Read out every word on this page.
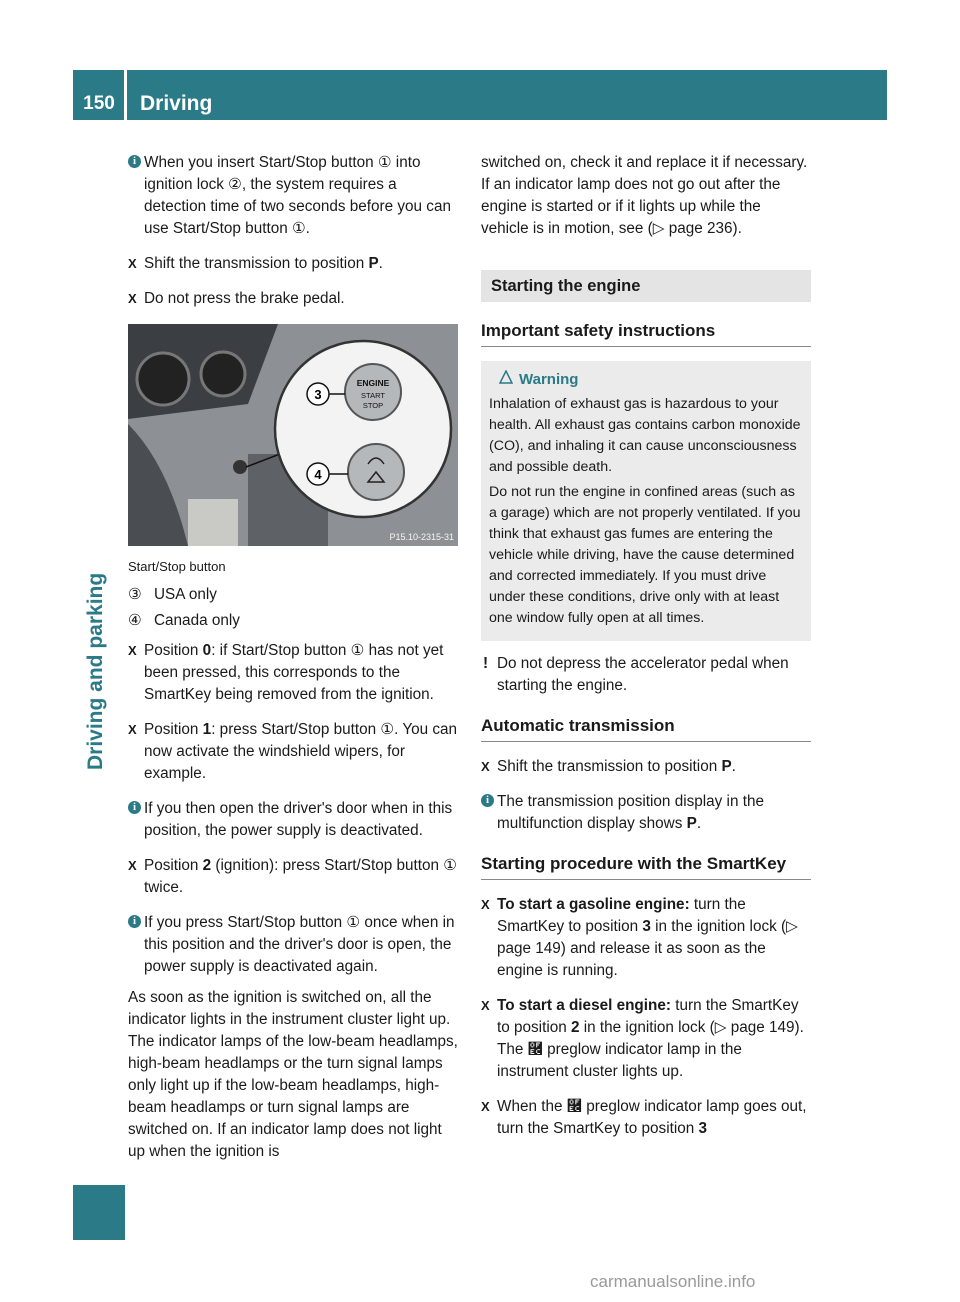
150	Driving
Driving and parking

i When you insert Start/Stop button ① into ignition lock ②, the system requires a detection time of two seconds before you can use Start/Stop button ①.

X Shift the transmission to position P.

X Do not press the brake pedal.

ENGINE
START
STOP
3
4
P15.10-2315-31

Start/Stop button

③ USA only
④ Canada only

X Position 0: if Start/Stop button ① has not yet been pressed, this corresponds to the SmartKey being removed from the ignition.

X Position 1: press Start/Stop button ①. You can now activate the windshield wipers, for example.

i If you then open the driver's door when in this position, the power supply is deactivated.

X Position 2 (ignition): press Start/Stop button ① twice.

i If you press Start/Stop button ① once when in this position and the driver's door is open, the power supply is deactivated again.

As soon as the ignition is switched on, all the indicator lights in the instrument cluster light up. The indicator lamps of the low-beam headlamps, high-beam headlamps or the turn signal lamps only light up if the low-beam headlamps, high-beam headlamps or turn signal lamps are switched on. If an indicator lamp does not light up when the ignition is

switched on, check it and replace it if necessary. If an indicator lamp does not go out after the engine is started or if it lights up while the vehicle is in motion, see (▷ page 236).

Starting the engine
Important safety instructions
Warning

Inhalation of exhaust gas is hazardous to your health. All exhaust gas contains carbon monoxide (CO), and inhaling it can cause unconsciousness and possible death.

Do not run the engine in confined areas (such as a garage) which are not properly ventilated. If you think that exhaust gas fumes are entering the vehicle while driving, have the cause determined and corrected immediately. If you must drive under these conditions, drive only with at least one window fully open at all times.

! Do not depress the accelerator pedal when starting the engine.

Automatic transmission

X Shift the transmission to position P.

i The transmission position display in the multifunction display shows P.

Starting procedure with the SmartKey

X To start a gasoline engine: turn the SmartKey to position 3 in the ignition lock (▷ page 149) and release it as soon as the engine is running.

X To start a diesel engine: turn the SmartKey to position 2 in the ignition lock (▷ page 149).
The ࿬ preglow indicator lamp in the instrument cluster lights up.

X When the ࿬ preglow indicator lamp goes out, turn the SmartKey to position 3

carmanualsonline.info
